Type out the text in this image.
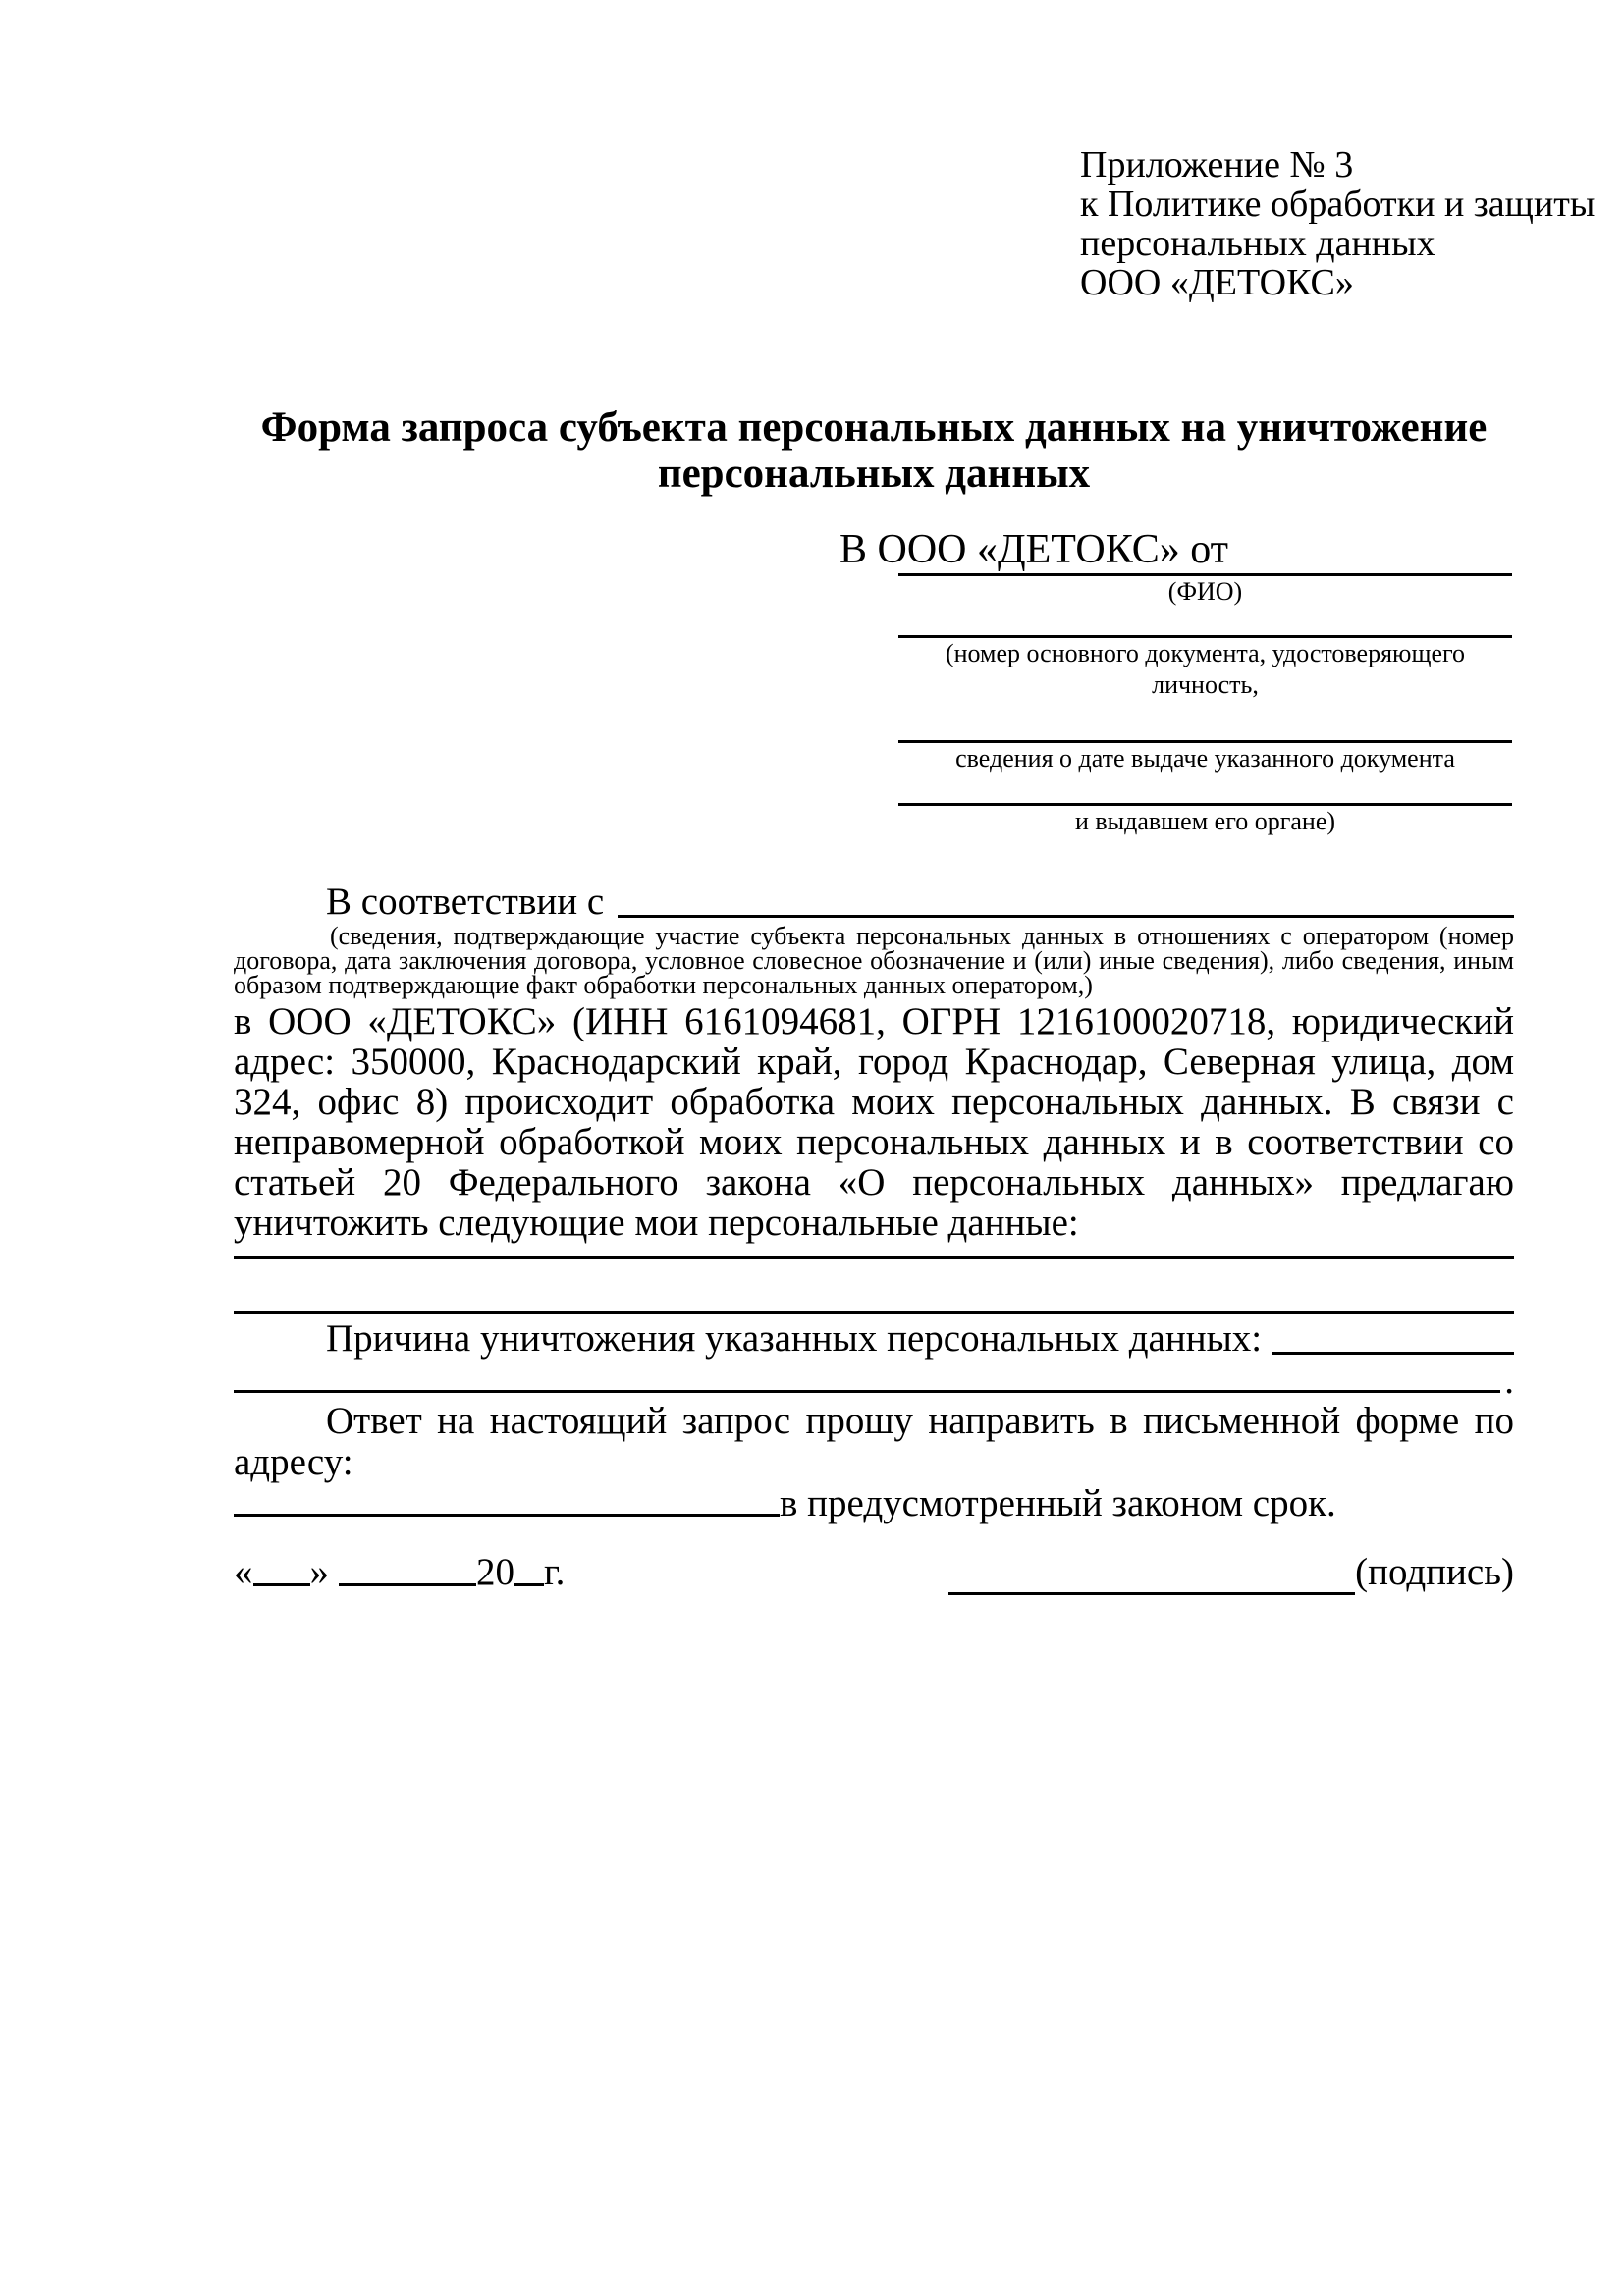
Приложение № 3
к Политике обработки и защиты
персональных данных
ООО «ДЕТОКС»
Форма запроса субъекта персональных данных на уничтожение персональных данных
В ООО «ДЕТОКС» от
(ФИО)
(номер основного документа, удостоверяющего личность,
сведения о дате выдаче указанного документа
и выдавшем его органе)
В соответствии с
(сведения, подтверждающие участие субъекта персональных данных в отношениях с оператором (номер договора, дата заключения договора, условное словесное обозначение и (или) иные сведения), либо сведения, иным образом подтверждающие факт обработки персональных данных оператором,)
в ООО «ДЕТОКС» (ИНН 6161094681, ОГРН 1216100020718, юридический адрес: 350000, Краснодарский край, город Краснодар, Северная улица, дом 324, офис 8) происходит обработка моих персональных данных. В связи с неправомерной обработкой моих персональных данных и в соответствии со статьей 20 Федерального закона «О персональных данных» предлагаю уничтожить следующие мои персональные данные:
Причина уничтожения указанных персональных данных:
.
Ответ на настоящий запрос прошу направить в письменной форме по адресу:
в предусмотренный законом срок.
« »	20 г.	(подпись)
